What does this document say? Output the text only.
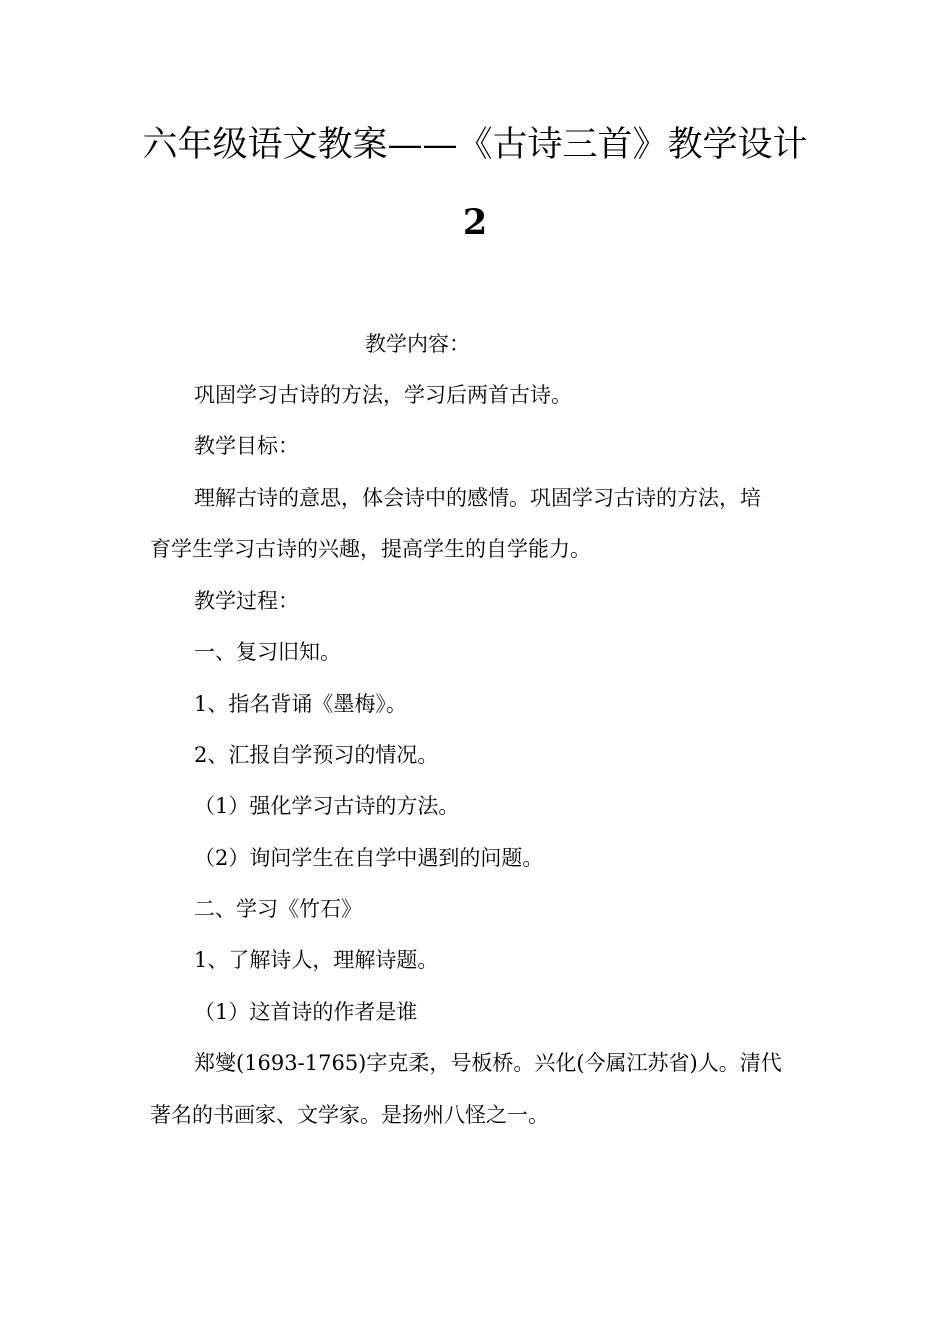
六年级语文教案——《古诗三首》教学设计
2
教学内容：
巩固学习古诗的方法，学习后两首古诗。
教学目标：
理解古诗的意思，体会诗中的感情。巩固学习古诗的方法，培
育学生学习古诗的兴趣，提高学生的自学能力。
教学过程：
一、复习旧知。
1、指名背诵《墨梅》。
2、汇报自学预习的情况。
（1）强化学习古诗的方法。
（2）询问学生在自学中遇到的问题。
二、学习《竹石》
1、了解诗人，理解诗题。
（1）这首诗的作者是谁
郑燮(1693-1765)字克柔，号板桥。兴化(今属江苏省)人。清代
著名的书画家、文学家。是扬州八怪之一。
